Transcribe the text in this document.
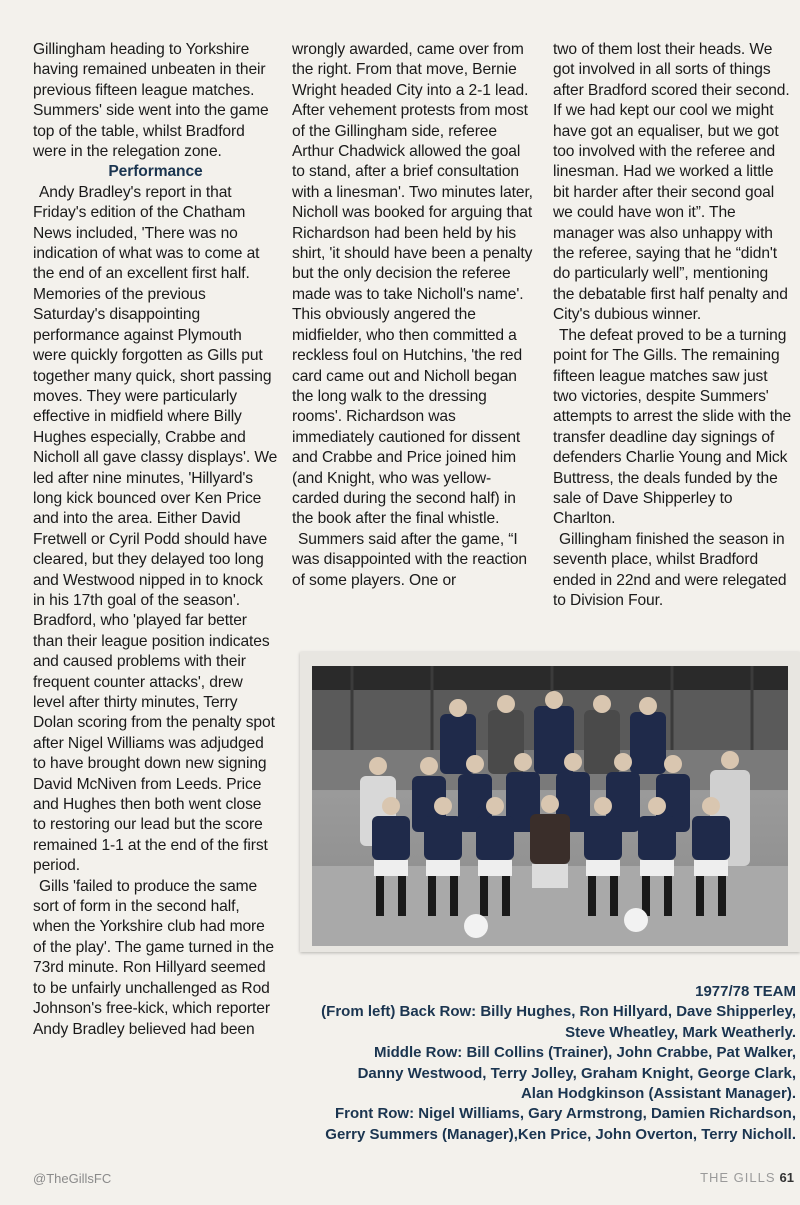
Gillingham heading to Yorkshire having remained unbeaten in their previous fifteen league matches. Summers' side went into the game top of the table, whilst Bradford were in the relegation zone.

Performance

Andy Bradley's report in that Friday's edition of the Chatham News included, 'There was no indication of what was to come at the end of an excellent first half. Memories of the previous Saturday's disappointing performance against Plymouth were quickly forgotten as Gills put together many quick, short passing moves. They were particularly effective in midfield where Billy Hughes especially, Crabbe and Nicholl all gave classy displays'. We led after nine minutes, 'Hillyard's long kick bounced over Ken Price and into the area. Either David Fretwell or Cyril Podd should have cleared, but they delayed too long and Westwood nipped in to knock in his 17th goal of the season'. Bradford, who 'played far better than their league position indicates and caused problems with their frequent counter attacks', drew level after thirty minutes, Terry Dolan scoring from the penalty spot after Nigel Williams was adjudged to have brought down new signing David McNiven from Leeds. Price and Hughes then both went close to restoring our lead but the score remained 1-1 at the end of the first period.

Gills 'failed to produce the same sort of form in the second half, when the Yorkshire club had more of the play'. The game turned in the 73rd minute. Ron Hillyard seemed to be unfairly unchallenged as Rod Johnson's free-kick, which reporter Andy Bradley believed had been

wrongly awarded, came over from the right. From that move, Bernie Wright headed City into a 2-1 lead. After vehement protests from most of the Gillingham side, referee Arthur Chadwick allowed the goal to stand, after a brief consultation with a linesman'. Two minutes later, Nicholl was booked for arguing that Richardson had been held by his shirt, 'it should have been a penalty but the only decision the referee made was to take Nicholl's name'. This obviously angered the midfielder, who then committed a reckless foul on Hutchins, 'the red card came out and Nicholl began the long walk to the dressing rooms'. Richardson was immediately cautioned for dissent and Crabbe and Price joined him (and Knight, who was yellow-carded during the second half) in the book after the final whistle.

Summers said after the game, “I was disappointed with the reaction of some players. One or

two of them lost their heads. We got involved in all sorts of things after Bradford scored their second. If we had kept our cool we might have got an equaliser, but we got too involved with the referee and linesman. Had we worked a little bit harder after their second goal we could have won it”. The manager was also unhappy with the referee, saying that he “didn't do particularly well”, mentioning the debatable first half penalty and City's dubious winner.

The defeat proved to be a turning point for The Gills. The remaining fifteen league matches saw just two victories, despite Summers' attempts to arrest the slide with the transfer deadline day signings of defenders Charlie Young and Mick Buttress, the deals funded by the sale of Dave Shipperley to Charlton.

Gillingham finished the season in seventh place, whilst Bradford ended in 22nd and were relegated to Division Four.

1977/78 TEAM
(From left) Back Row: Billy Hughes, Ron Hillyard, Dave Shipperley,
Steve Wheatley, Mark Weatherly.
Middle Row: Bill Collins (Trainer), John Crabbe, Pat Walker,
Danny Westwood, Terry Jolley, Graham Knight, George Clark,
Alan Hodgkinson (Assistant Manager).
Front Row: Nigel Williams, Gary Armstrong, Damien Richardson,
Gerry Summers (Manager),Ken Price, John Overton, Terry Nicholl.
@TheGillsFC	THE GILLS 61
